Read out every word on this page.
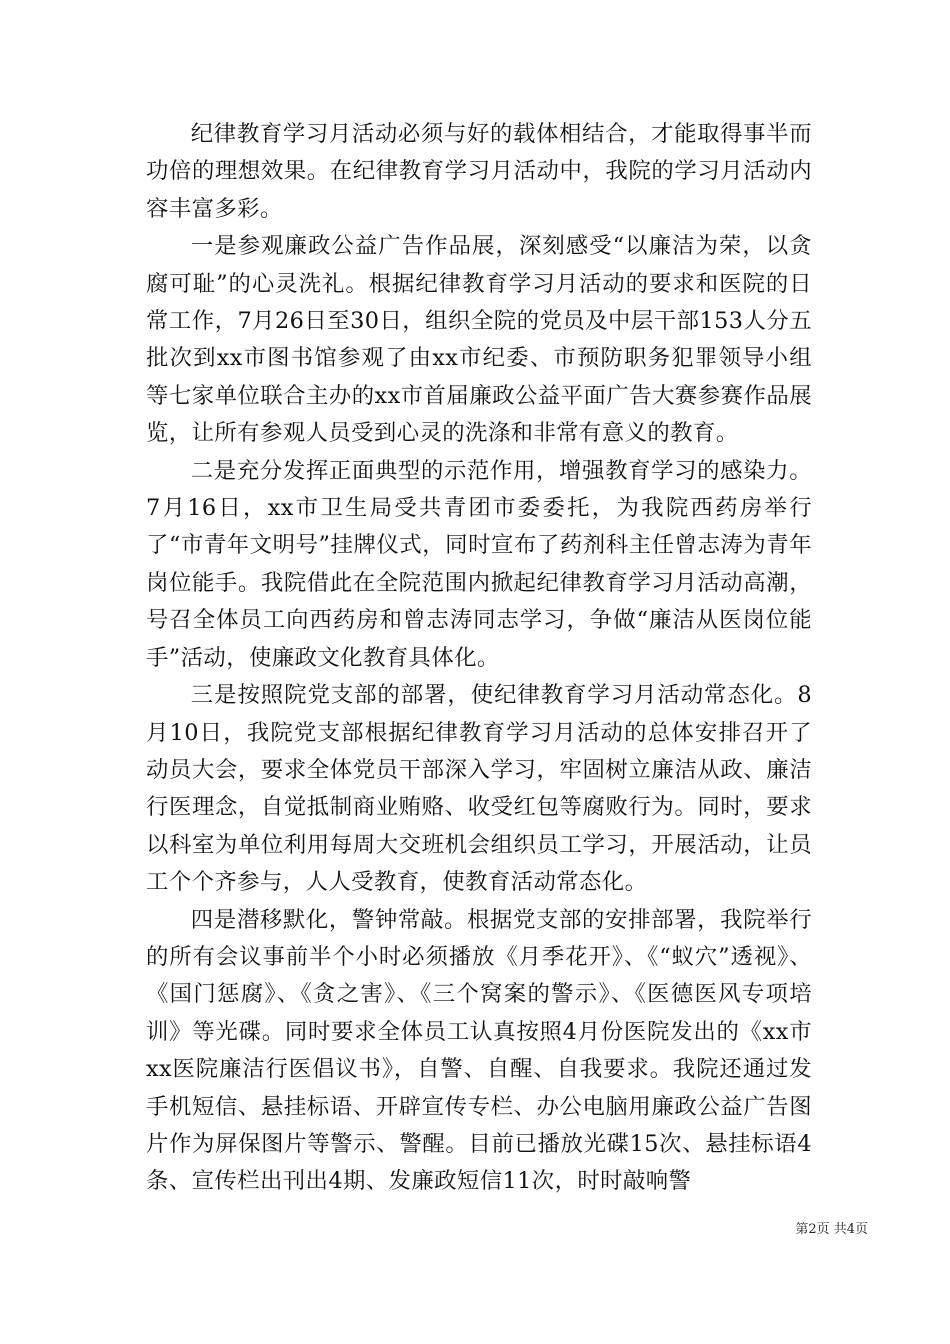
纪律教育学习月活动必须与好的载体相结合，才能取得事半而功倍的理想效果。在纪律教育学习月活动中，我院的学习月活动内容丰富多彩。

一是参观廉政公益广告作品展，深刻感受“以廉洁为荣，以贪腐可耻”的心灵洗礼。根据纪律教育学习月活动的要求和医院的日常工作，7月26日至30日，组织全院的党员及中层干部153人分五批次到xx市图书馆参观了由xx市纪委、市预防职务犯罪领导小组等七家单位联合主办的xx市首届廉政公益平面广告大赛参赛作品展览，让所有参观人员受到心灵的洗涤和非常有意义的教育。

二是充分发挥正面典型的示范作用，增强教育学习的感染力。7月16日，xx市卫生局受共青团市委委托，为我院西药房举行了“市青年文明号”挂牌仪式，同时宣布了药剂科主任曾志涛为青年岗位能手。我院借此在全院范围内掀起纪律教育学习月活动高潮，号召全体员工向西药房和曾志涛同志学习，争做“廉洁从医岗位能手”活动，使廉政文化教育具体化。

三是按照院党支部的部署，使纪律教育学习月活动常态化。8月10日，我院党支部根据纪律教育学习月活动的总体安排召开了动员大会，要求全体党员干部深入学习，牢固树立廉洁从政、廉洁行医理念，自觉抵制商业贿赂、收受红包等腐败行为。同时，要求以科室为单位利用每周大交班机会组织员工学习，开展活动，让员工个个齐参与，人人受教育，使教育活动常态化。

四是潜移默化，警钟常敲。根据党支部的安排部署，我院举行的所有会议事前半个小时必须播放《月季花开》、《“蚁穴”透视》、《国门惩腐》、《贪之害》、《三个窝案的警示》、《医德医风专项培训》等光碟。同时要求全体员工认真按照4月份医院发出的《xx市xx医院廉洁行医倡议书》，自警、自醒、自我要求。我院还通过发手机短信、悬挂标语、开辟宣传专栏、办公电脑用廉政公益广告图片作为屏保图片等警示、警醒。目前已播放光碟15次、悬挂标语4条、宣传栏出刊出4期、发廉政短信11次，时时敲响警

第2页 共4页
